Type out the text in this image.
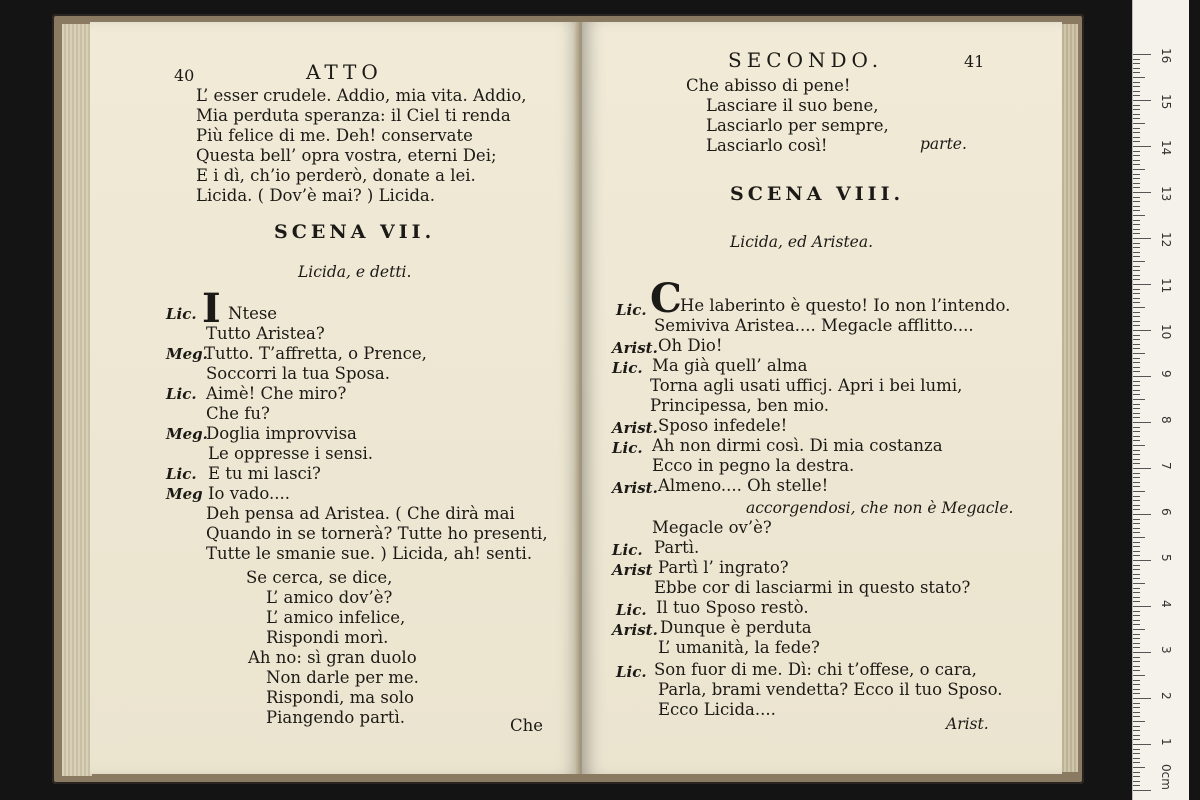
40	ATTO
L’ esser crudele. Addio, mia vita. Addio,
Mia perduta speranza: il Ciel ti renda
Più felice di me. Deh! conservate
Questa bell’ opra vostra, eterni Dei;
E i dì, ch’io perderò, donate a lei.
Licida. ( Dov’è mai? ) Licida.
SCENA VII.
Licida, e detti.
Lic. I Ntese
Tutto Aristea?
Meg.
Tutto. T’affretta, o Prence,
Soccorri la tua Sposa.
Lic. Aimè! Che miro?
Che fu?
Meg.
Doglia improvvisa
Le oppresse i sensi.
Lic. E tu mi lasci?
Meg Io vado....
Deh pensa ad Aristea. ( Che dirà mai
Quando in se tornerà? Tutte ho presenti,
Tutte le smanie sue. ) Licida, ah! senti.
Se cerca, se dice,
L’ amico dov’è?
L’ amico infelice,
Rispondi morì.
Ah no: sì gran duolo
Non darle per me.
Rispondi, ma solo
Piangendo partì.	Che
SECONDO.	41
Che abisso di pene!
Lasciare il suo bene,
Lasciarlo per sempre,
Lasciarlo così!	parte.
SCENA VIII.
Licida, ed Aristea.
Lic. C
He laberinto è questo! Io non l’intendo.
Semiviva Aristea.... Megacle afflitto....
Arist. Oh Dio!
Lic. Ma già quell’ alma
Torna agli usati ufficj. Apri i bei lumi,
Principessa, ben mio.
Arist. Sposo infedele!
Lic. Ah non dirmi così. Di mia costanza
Ecco in pegno la destra.
Arist. Almeno.... Oh stelle!
accorgendosi, che non è Megacle.
Megacle ov’è?
Lic. Partì.
Arist Partì l’ ingrato?
Ebbe cor di lasciarmi in questo stato?
Lic. Il tuo Sposo restò.
Arist. Dunque è perduta
L’ umanità, la fede?
Lic. Son fuor di me. Dì: chi t’offese, o cara,
Parla, brami vendetta? Ecco il tuo Sposo.
Ecco Licida....
Arist.
0cm
1
2
3
4
5
6
7
8
9
10
11
12
13
14
15
16
